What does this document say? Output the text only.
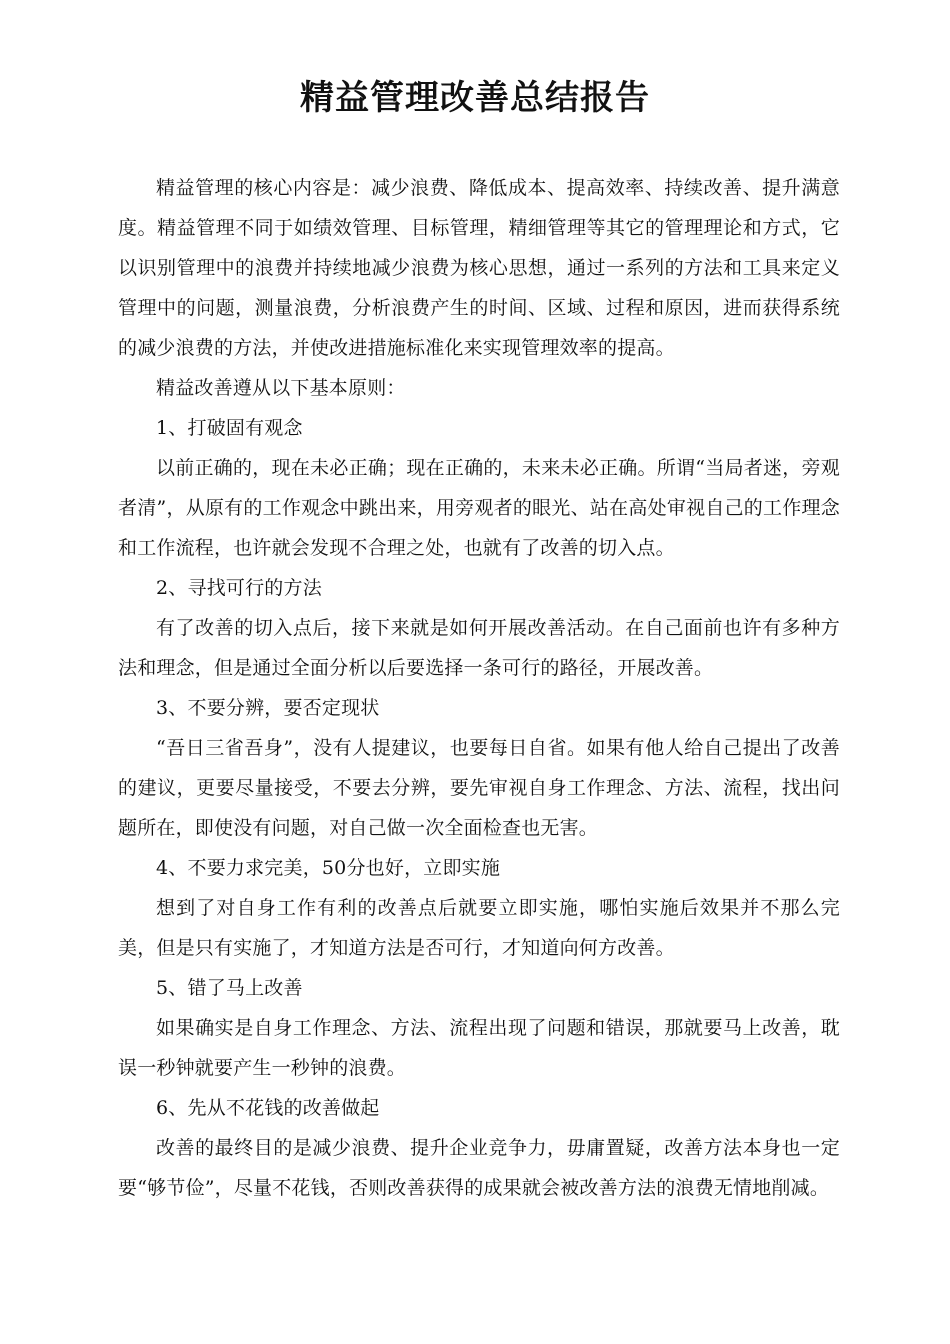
精益管理改善总结报告

精益管理的核心内容是：减少浪费、降低成本、提高效率、持续改善、提升满意度。精益管理不同于如绩效管理、目标管理，精细管理等其它的管理理论和方式，它以识别管理中的浪费并持续地减少浪费为核心思想，通过一系列的方法和工具来定义管理中的问题，测量浪费，分析浪费产生的时间、区域、过程和原因，进而获得系统的减少浪费的方法，并使改进措施标准化来实现管理效率的提高。

精益改善遵从以下基本原则：

1、打破固有观念

以前正确的，现在未必正确；现在正确的，未来未必正确。所谓“当局者迷，旁观者清”，从原有的工作观念中跳出来，用旁观者的眼光、站在高处审视自己的工作理念和工作流程，也许就会发现不合理之处，也就有了改善的切入点。

2、寻找可行的方法

有了改善的切入点后，接下来就是如何开展改善活动。在自己面前也许有多种方法和理念，但是通过全面分析以后要选择一条可行的路径，开展改善。

3、不要分辨，要否定现状

“吾日三省吾身”，没有人提建议，也要每日自省。如果有他人给自己提出了改善的建议，更要尽量接受，不要去分辨，要先审视自身工作理念、方法、流程，找出问题所在，即使没有问题，对自己做一次全面检查也无害。

4、不要力求完美，50分也好，立即实施

想到了对自身工作有利的改善点后就要立即实施，哪怕实施后效果并不那么完美，但是只有实施了，才知道方法是否可行，才知道向何方改善。

5、错了马上改善

如果确实是自身工作理念、方法、流程出现了问题和错误，那就要马上改善，耽误一秒钟就要产生一秒钟的浪费。

6、先从不花钱的改善做起

改善的最终目的是减少浪费、提升企业竞争力，毋庸置疑，改善方法本身也一定要“够节俭”，尽量不花钱，否则改善获得的成果就会被改善方法的浪费无情地削减。
